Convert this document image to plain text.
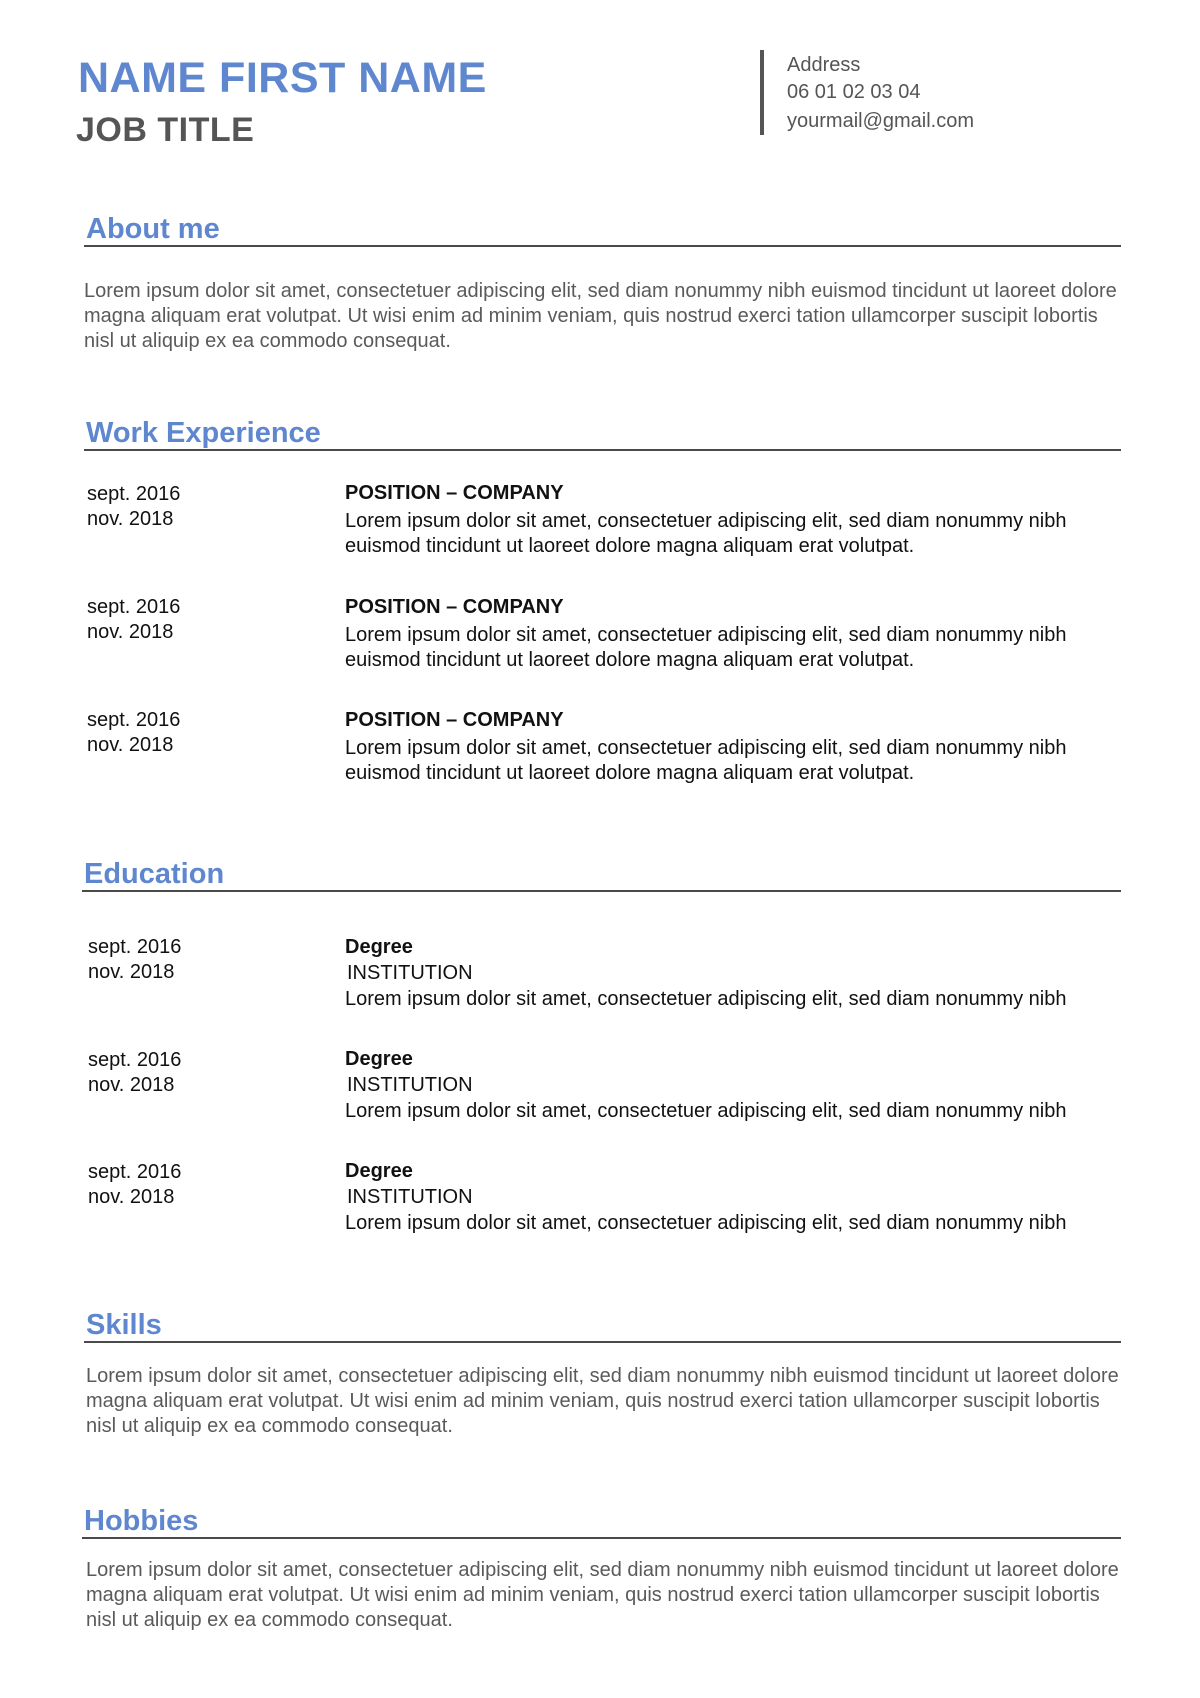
NAME FIRST NAME
JOB TITLE
Address
06 01 02 03 04
yourmail@gmail.com
About me
Lorem ipsum dolor sit amet, consectetuer adipiscing elit, sed diam nonummy nibh euismod tincidunt ut laoreet dolore magna aliquam erat volutpat. Ut wisi enim ad minim veniam, quis nostrud exerci tation ullamcorper suscipit lobortis nisl ut aliquip ex ea commodo consequat.
Work Experience
sept. 2016
nov. 2018
POSITION – COMPANY
Lorem ipsum dolor sit amet, consectetuer adipiscing elit, sed diam nonummy nibh euismod tincidunt ut laoreet dolore magna aliquam erat volutpat.
sept. 2016
nov. 2018
POSITION – COMPANY
Lorem ipsum dolor sit amet, consectetuer adipiscing elit, sed diam nonummy nibh euismod tincidunt ut laoreet dolore magna aliquam erat volutpat.
sept. 2016
nov. 2018
POSITION – COMPANY
Lorem ipsum dolor sit amet, consectetuer adipiscing elit, sed diam nonummy nibh euismod tincidunt ut laoreet dolore magna aliquam erat volutpat.
Education
sept. 2016
nov. 2018
Degree
INSTITUTION
Lorem ipsum dolor sit amet, consectetuer adipiscing elit, sed diam nonummy nibh
sept. 2016
nov. 2018
Degree
INSTITUTION
Lorem ipsum dolor sit amet, consectetuer adipiscing elit, sed diam nonummy nibh
sept. 2016
nov. 2018
Degree
INSTITUTION
Lorem ipsum dolor sit amet, consectetuer adipiscing elit, sed diam nonummy nibh
Skills
Lorem ipsum dolor sit amet, consectetuer adipiscing elit, sed diam nonummy nibh euismod tincidunt ut laoreet dolore magna aliquam erat volutpat. Ut wisi enim ad minim veniam, quis nostrud exerci tation ullamcorper suscipit lobortis nisl ut aliquip ex ea commodo consequat.
Hobbies
Lorem ipsum dolor sit amet, consectetuer adipiscing elit, sed diam nonummy nibh euismod tincidunt ut laoreet dolore magna aliquam erat volutpat. Ut wisi enim ad minim veniam, quis nostrud exerci tation ullamcorper suscipit lobortis nisl ut aliquip ex ea commodo consequat.
